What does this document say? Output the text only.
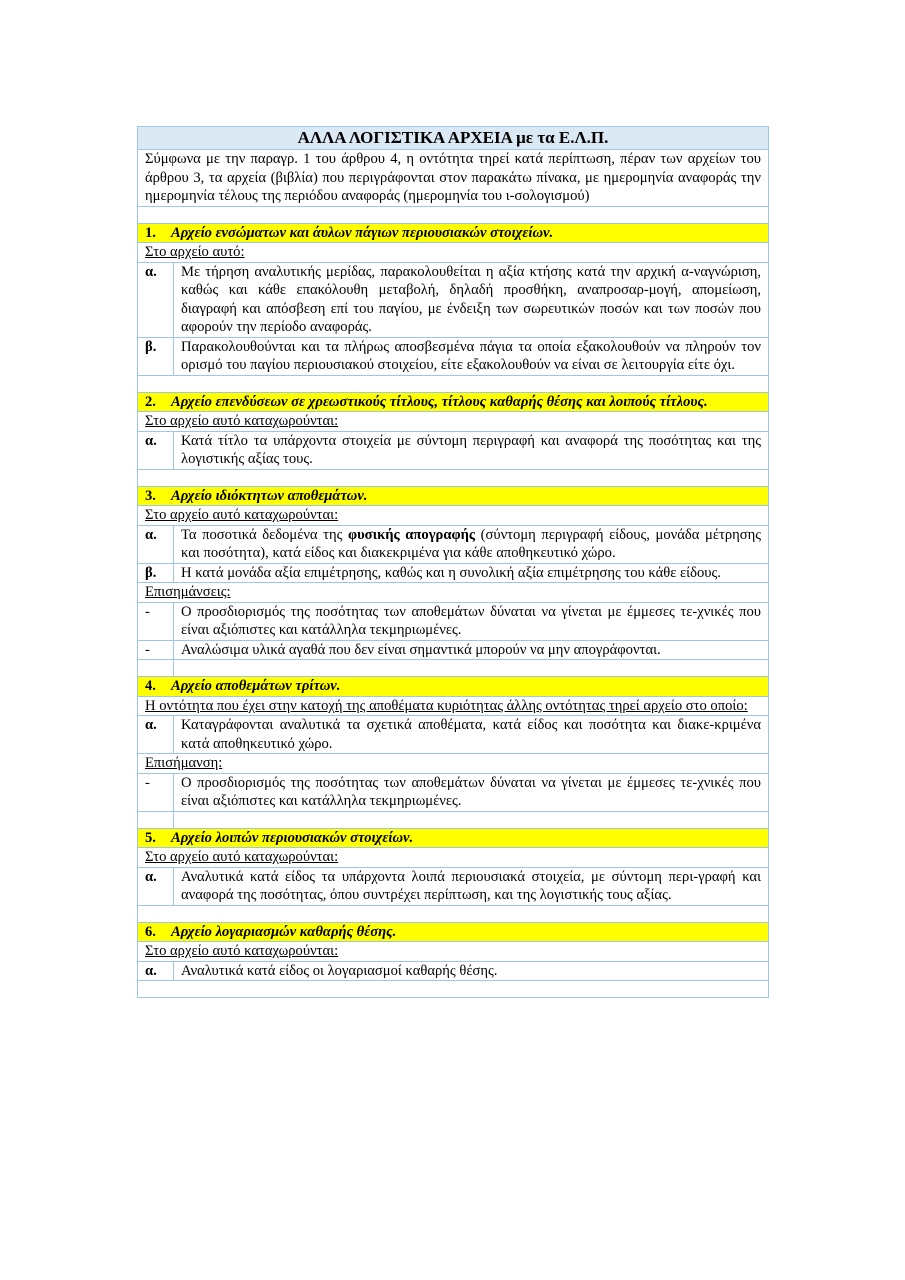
ΑΛΛΑ ΛΟΓΙΣΤΙΚΑ ΑΡΧΕΙΑ με τα Ε.Λ.Π.	
Σύμφωνα με την παραγρ. 1 του άρθρου 4, η οντότητα τηρεί κατά περίπτωση, πέραν των αρχείων του άρθρου 3, τα αρχεία (βιβλία) που περιγράφονται στον παρακάτω πίνακα, με ημερομηνία αναφοράς την ημερομηνία τέλους της περιόδου αναφοράς (ημερομηνία του ι-σολογισμού)	

1. Αρχείο ενσώματων και άυλων πάγιων περιουσιακών στοιχείων.	
Στο αρχείο αυτό:	
α.	Με τήρηση αναλυτικής μερίδας, παρακολουθείται η αξία κτήσης κατά την αρχική α-ναγνώριση, καθώς και κάθε επακόλουθη μεταβολή, δηλαδή προσθήκη, αναπροσαρ-μογή, απομείωση, διαγραφή και απόσβεση επί του παγίου, με ένδειξη των σωρευτικών ποσών και των ποσών που αφορούν την περίοδο αναφοράς.
β.	Παρακολουθούνται και τα πλήρως αποσβεσμένα πάγια τα οποία εξακολουθούν να πληρούν τον ορισμό του παγίου περιουσιακού στοιχείου, είτε εξακολουθούν να είναι σε λειτουργία είτε όχι.

2. Αρχείο επενδύσεων σε χρεωστικούς τίτλους, τίτλους καθαρής θέσης και λοιπούς τίτλους.	
Στο αρχείο αυτό καταχωρούνται:	
α.	Κατά τίτλο τα υπάρχοντα στοιχεία με σύντομη περιγραφή και αναφορά της ποσότητας και της λογιστικής αξίας τους.

3. Αρχείο ιδιόκτητων αποθεμάτων.	
Στο αρχείο αυτό καταχωρούνται:	
α.	Τα ποσοτικά δεδομένα της φυσικής απογραφής (σύντομη περιγραφή είδους, μονάδα μέτρησης και ποσότητα), κατά είδος και διακεκριμένα για κάθε αποθηκευτικό χώρο.
β.	Η κατά μονάδα αξία επιμέτρησης, καθώς και η συνολική αξία επιμέτρησης του κάθε είδους.
Επισημάνσεις:	
-	Ο προσδιορισμός της ποσότητας των αποθεμάτων δύναται να γίνεται με έμμεσες τε-χνικές που είναι αξιόπιστες και κατάλληλα τεκμηριωμένες.
-	Αναλώσιμα υλικά αγαθά που δεν είναι σημαντικά μπορούν να μην απογράφονται.

4. Αρχείο αποθεμάτων τρίτων.	
Η οντότητα που έχει στην κατοχή της αποθέματα κυριότητας άλλης οντότητας τηρεί αρχείο στο οποίο:	
α.	Καταγράφονται αναλυτικά τα σχετικά αποθέματα, κατά είδος και ποσότητα και διακε-κριμένα κατά αποθηκευτικό χώρο.
Επισήμανση:	
-	Ο προσδιορισμός της ποσότητας των αποθεμάτων δύναται να γίνεται με έμμεσες τε-χνικές που είναι αξιόπιστες και κατάλληλα τεκμηριωμένες.

5. Αρχείο λοιπών περιουσιακών στοιχείων.	
Στο αρχείο αυτό καταχωρούνται:	
α.	Αναλυτικά κατά είδος τα υπάρχοντα λοιπά περιουσιακά στοιχεία, με σύντομη περι-γραφή και αναφορά της ποσότητας, όπου συντρέχει περίπτωση, και της λογιστικής τους αξίας.

6. Αρχείο λογαριασμών καθαρής θέσης.	
Στο αρχείο αυτό καταχωρούνται:	
α.	Αναλυτικά κατά είδος οι λογαριασμοί καθαρής θέσης.
